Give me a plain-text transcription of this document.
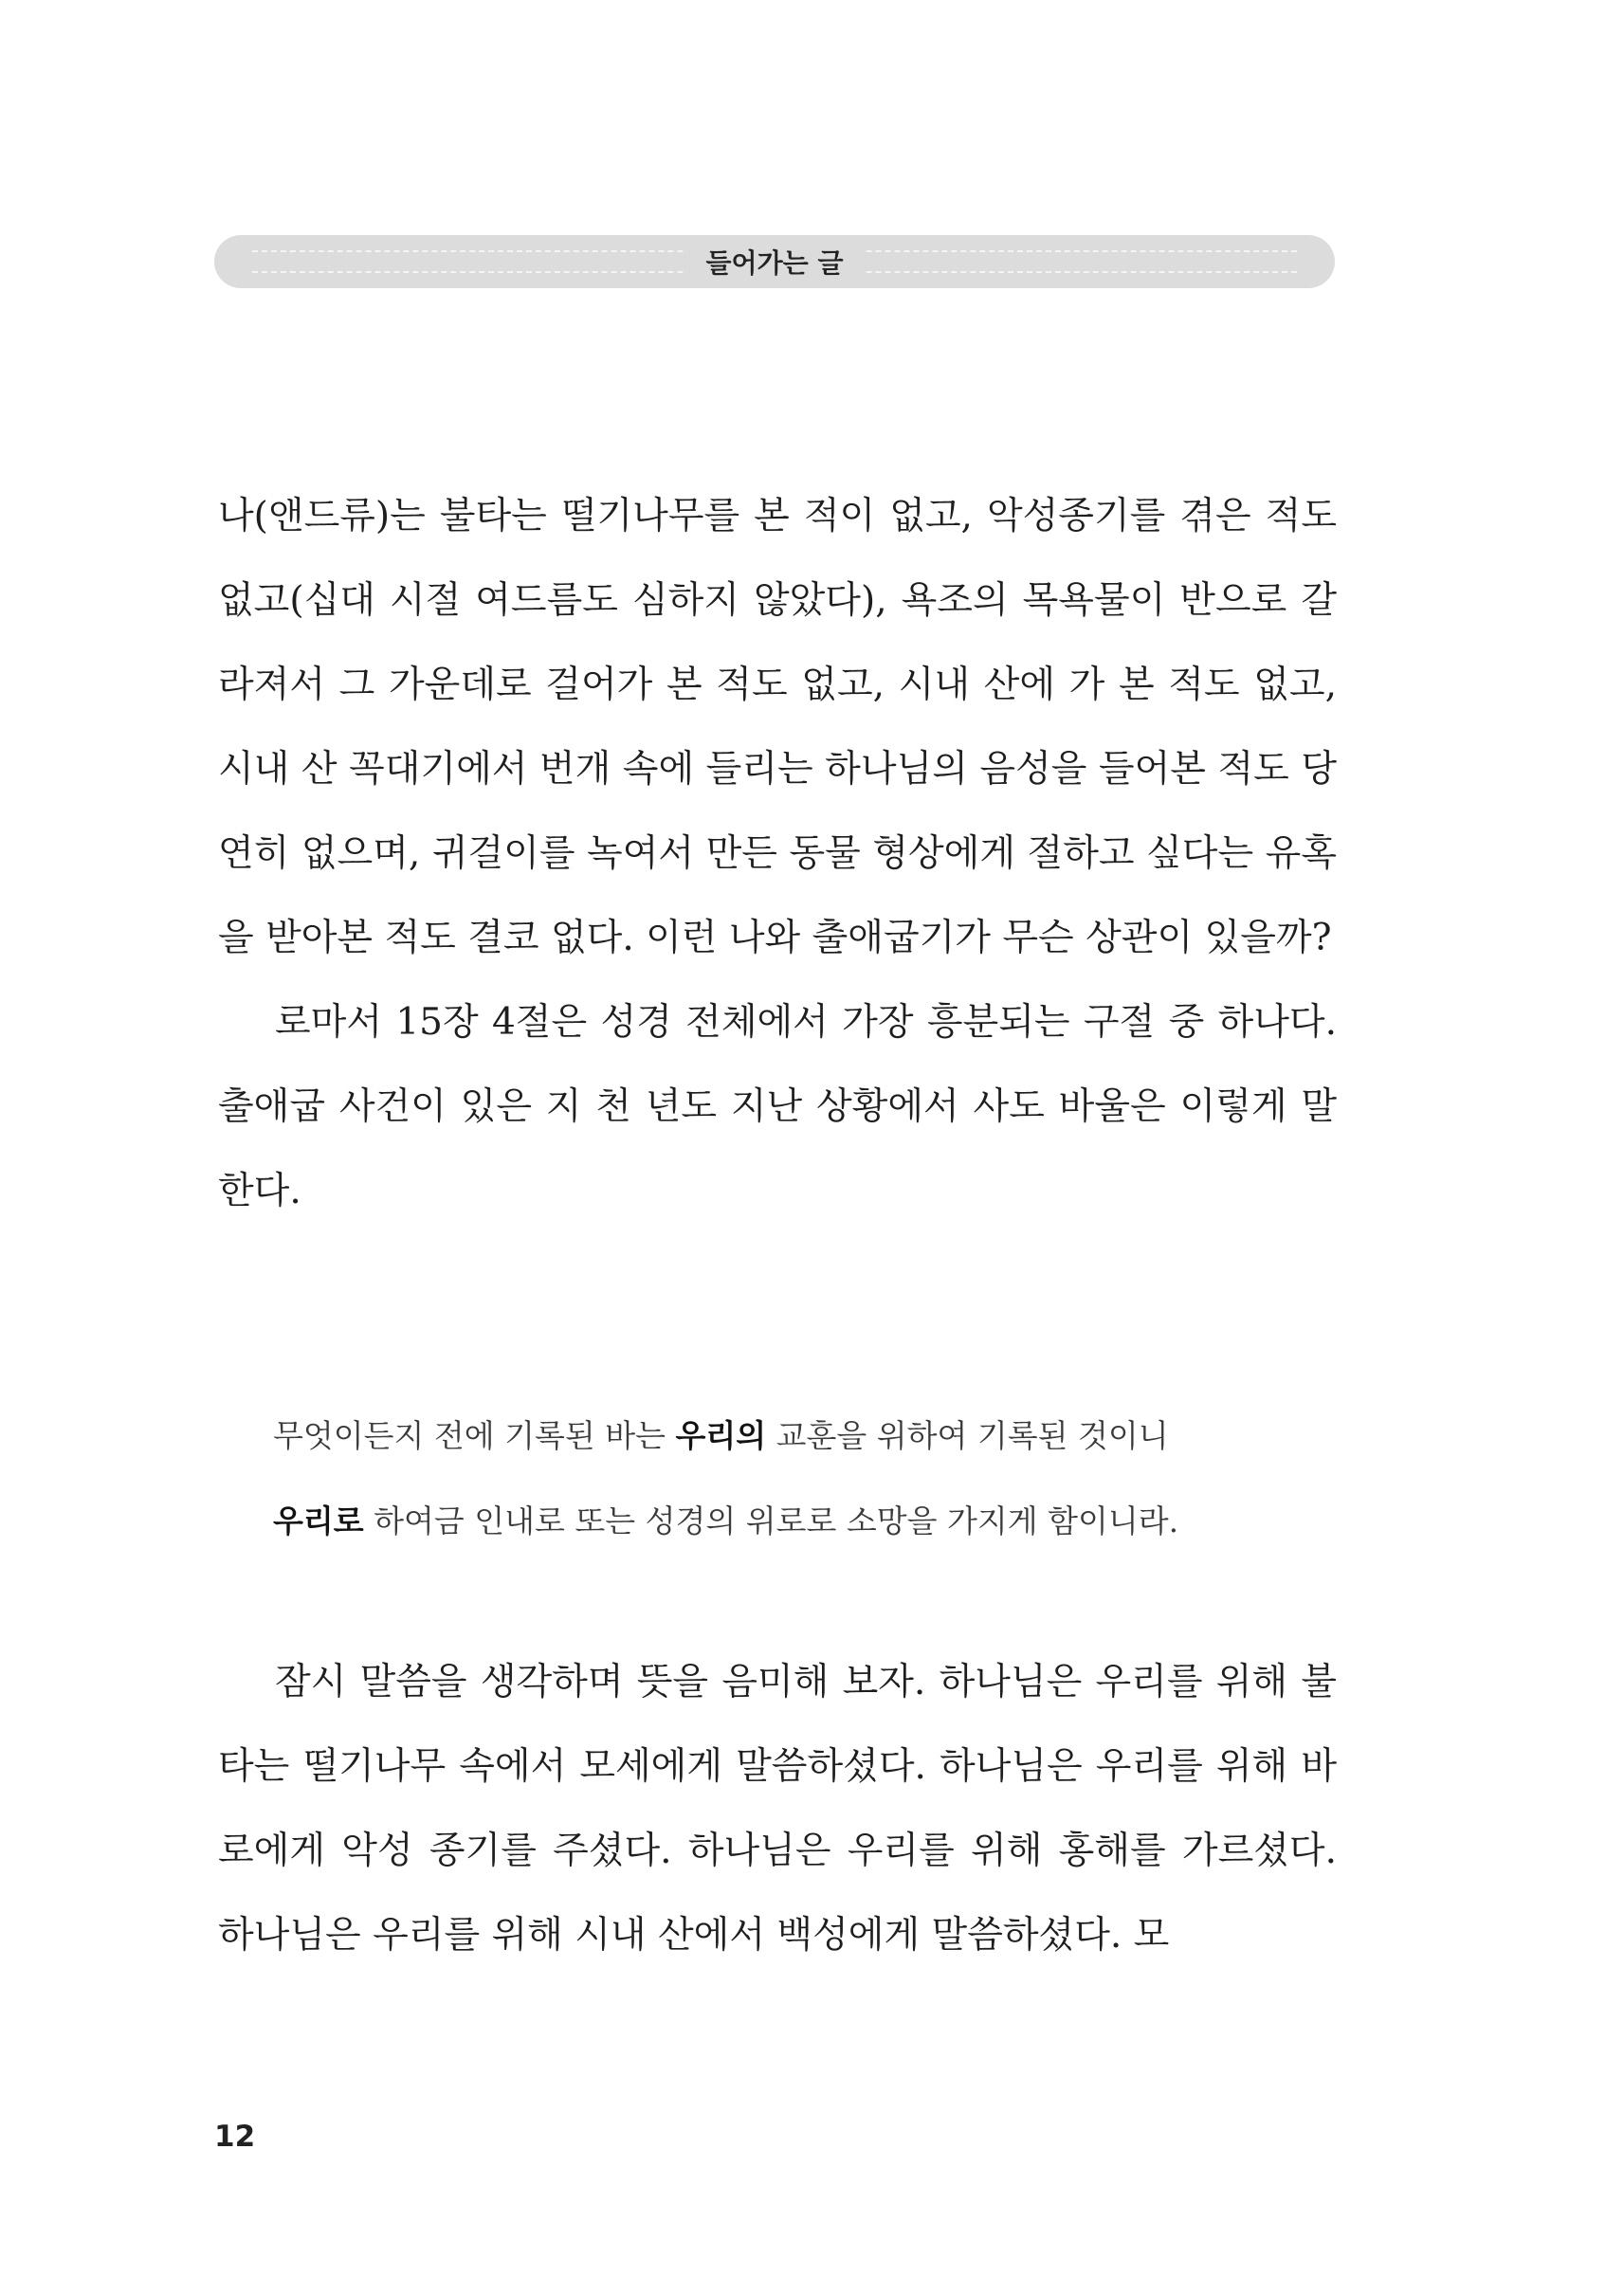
들어가는 글

나(앤드류)는 불타는 떨기나무를 본 적이 없고, 악성종기를 겪은 적도 없고(십대 시절 여드름도 심하지 않았다), 욕조의 목욕물이 반으로 갈라져서 그 가운데로 걸어가 본 적도 없고, 시내 산에 가 본 적도 없고, 시내 산 꼭대기에서 번개 속에 들리는 하나님의 음성을 들어본 적도 당연히 없으며, 귀걸이를 녹여서 만든 동물 형상에게 절하고 싶다는 유혹을 받아본 적도 결코 없다. 이런 나와 출애굽기가 무슨 상관이 있을까?

로마서 15장 4절은 성경 전체에서 가장 흥분되는 구절 중 하나다. 출애굽 사건이 있은 지 천 년도 지난 상황에서 사도 바울은 이렇게 말한다.

무엇이든지 전에 기록된 바는 우리의 교훈을 위하여 기록된 것이니
우리로 하여금 인내로 또는 성경의 위로로 소망을 가지게 함이니라.

잠시 말씀을 생각하며 뜻을 음미해 보자. 하나님은 우리를 위해 불타는 떨기나무 속에서 모세에게 말씀하셨다. 하나님은 우리를 위해 바로에게 악성 종기를 주셨다. 하나님은 우리를 위해 홍해를 가르셨다. 하나님은 우리를 위해 시내 산에서 백성에게 말씀하셨다. 모

12
